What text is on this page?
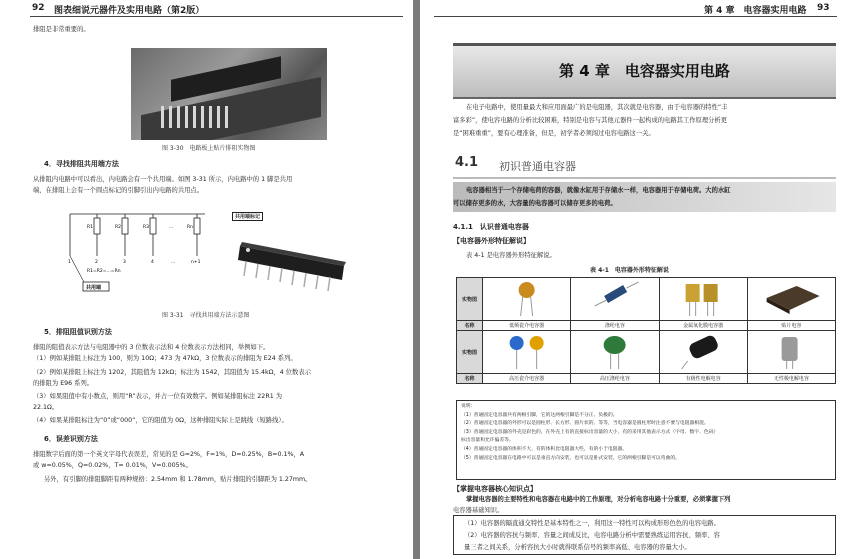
92 图表细说元器件及实用电路（第2版）
排阻是非常重要的。
图 3-30　电路板上贴片排阻实物图
4．寻找排阻共用端方法
从排阻内电路中可以看出，内电路会有一个共用端。如图 3-31 所示，内电路中的 1 脚是共用
端，在排阻上会有一个圆点标记的引脚引出内电路的共用点。
R1	R2	R3	...	Rn
1	2	3	4	...	n+1
R1=R2=...=Rn
共用端
共用端标记
图 3-31　寻找共用端方法示意图
5．排阻阻值识别方法
排阻的阻值表示方法与电阻器中的 3 位数表示法和 4 位数表示方法相同，举例如下。
（1）例如某排阻上标注为 100，则为 10Ω；473 为 47kΩ，3 位数表示的排阻为 E24 系列。
（2）例如某排阻上标注为 1202，其阻值为 12kΩ；标注为 1542，其阻值为 15.4kΩ，4 位数表示
的排阻为 E96 系列。
（3）如果阻值中有小数点，则用“R”表示，并占一位有效数字。例如某排阻标注 22R1 为
22.1Ω。
（4）如果某排阻标注为“0”或“000”，它的阻值为 0Ω，这种排阻实际上是跳线（短路线）。
6．误差识别方法
排阻数字后面的第一个英文字母代表误差，常见的是 G=2%，F=1%，D=0.25%，B=0.1%，A
或 w=0.05%，Q=0.02%，T= 0.01%，V=0.005%。
另外，有引脚的排阻脚距有两种规格：2.54mm 和 1.78mm，贴片排阻的引脚距为 1.27mm。
第 4 章　电容器实用电路 93
第 4 章　电容器实用电路
在电子电路中，使用量最大和应用面最广的是电阻器，其次就是电容器，由于电容器的特性“丰
富多彩”，使电容电路的分析比较困难，特别是电容与其他元器件一起构成的电路其工作原理分析更
是“困难重重”，要有心理准备，但是，初学者必须闯过电容电路这一关。
4.1 初识普通电容器
电容器相当于一个存储电荷的容器，就像水缸用于存储水一样，电容器用于存储电荷。大的水缸
可以储存更多的水，大容量的电容器可以储存更多的电荷。
4.1.1　认识普通电容器
【电容器外形特征解说】
表 4-1 是电容器外形特征解说。
表 4-1　电容器外形特征解说
实物图				
名称	低频瓷介电容器	涤纶电容	金属氧化膜电容器	贴片电容
实物图				
名称	高压瓷介电容器	高压涤纶电容	有极性电解电容	无性极电解电容
说明：
（1）普通固定电容器共有两根引脚，它的这两根引脚是不分正、负极的。
（2）普通固定电容器的外形可以是圆柱形、长方形、圆片状的、等等，当电容器是圆柱形时注意不要与电阻器相混。
（3）普通固定电容器的外壳是彩色的，在外壳上有的直接标出容量的大小，有的采用其他表示方式（字母、数字、色码）
标出容量和允许偏差等。
（4）普通固定电容器的体积不大，有的体积比电阻器大些，有的小于电阻器。
（5）普通固定电容器在电路中可以是垂直方向安装，也可以是卧式安装，它的两根引脚是可以弯曲的。
【掌握电容器核心知识点】
掌握电容器的主要特性和电容器在电路中的工作原理，对分析电容电路十分重要，必须掌握下列
电容器基础知识。
（1）电容器的隔直通交特性是基本特性之一，利用这一特性可以构成形形色色的电容电路。
（2）电容器的容抗与频率、容量之间成反比，电容电路分析中需要熟练运用容抗、频率、容
量三者之间关系，分析容抗大小时就得联系信号的频率高低、电容器的容量大小。
